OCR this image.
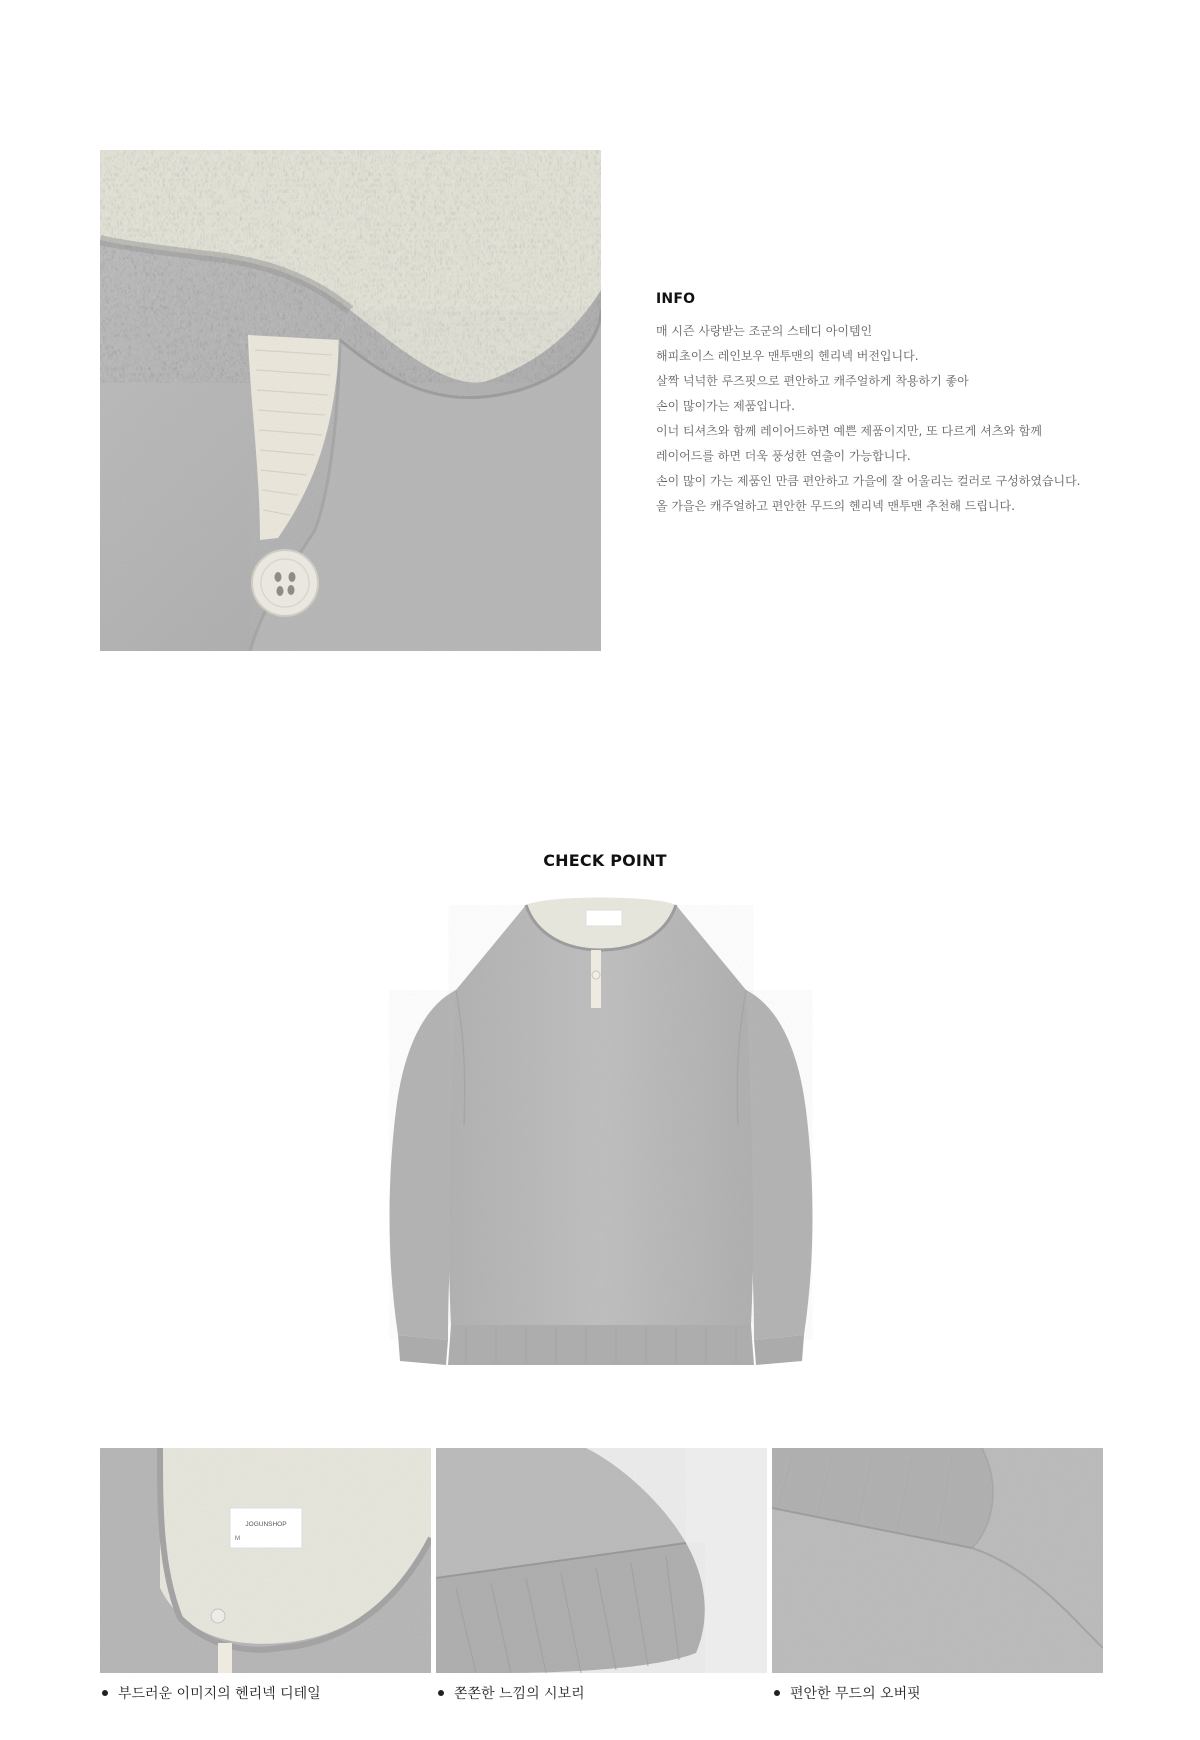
INFO
매 시즌 사랑받는 조군의 스테디 아이템인
해피초이스 레인보우 맨투맨의 헨리넥 버전입니다.
살짝 넉넉한 루즈핏으로 편안하고 캐주얼하게 착용하기 좋아
손이 많이가는 제품입니다.
이너 티셔츠와 함께 레이어드하면 예쁜 제품이지만, 또 다르게 셔츠와 함께
레이어드를 하면 더욱 풍성한 연출이 가능합니다.
손이 많이 가는 제품인 만큼 편안하고 가을에 잘 어울리는 컬러로 구성하였습니다.
올 가을은 캐주얼하고 편안한 무드의 헨리넥 맨투맨 추천해 드립니다.
CHECK POINT
JOGUNSHOP
M
부드러운 이미지의 헨리넥 디테일	쫀쫀한 느낌의 시보리	편안한 무드의 오버핏
